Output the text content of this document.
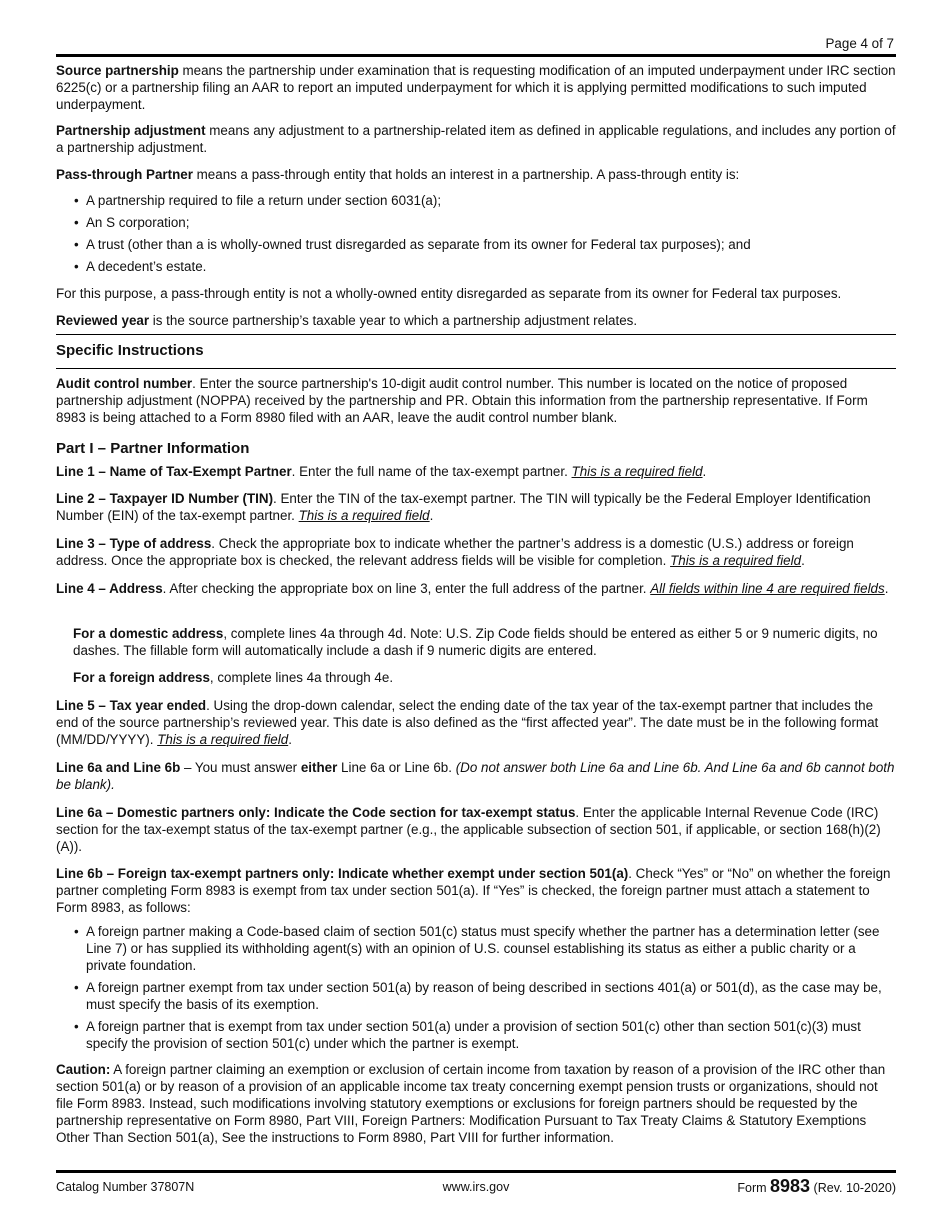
Page 4 of 7

Source partnership means the partnership under examination that is requesting modification of an imputed underpayment under IRC section 6225(c) or a partnership filing an AAR to report an imputed underpayment for which it is applying permitted modifications to such imputed underpayment.

Partnership adjustment means any adjustment to a partnership-related item as defined in applicable regulations, and includes any portion of a partnership adjustment.

Pass-through Partner means a pass-through entity that holds an interest in a partnership. A pass-through entity is:

• A partnership required to file a return under section 6031(a);
• An S corporation;
• A trust (other than a is wholly-owned trust disregarded as separate from its owner for Federal tax purposes); and
• A decedent’s estate.

For this purpose, a pass-through entity is not a wholly-owned entity disregarded as separate from its owner for Federal tax purposes.

Reviewed year is the source partnership’s taxable year to which a partnership adjustment relates.

Specific Instructions

Audit control number. Enter the source partnership's 10-digit audit control number. This number is located on the notice of proposed partnership adjustment (NOPPA) received by the partnership and PR. Obtain this information from the partnership representative. If Form 8983 is being attached to a Form 8980 filed with an AAR, leave the audit control number blank.

Part I – Partner Information

Line 1 – Name of Tax-Exempt Partner. Enter the full name of the tax-exempt partner. This is a required field.

Line 2 – Taxpayer ID Number (TIN). Enter the TIN of the tax-exempt partner. The TIN will typically be the Federal Employer Identification Number (EIN) of the tax-exempt partner. This is a required field.

Line 3 – Type of address. Check the appropriate box to indicate whether the partner’s address is a domestic (U.S.) address or foreign address. Once the appropriate box is checked, the relevant address fields will be visible for completion. This is a required field.

Line 4 – Address. After checking the appropriate box on line 3, enter the full address of the partner. All fields within line 4 are required fields.

For a domestic address, complete lines 4a through 4d. Note: U.S. Zip Code fields should be entered as either 5 or 9 numeric digits, no dashes. The fillable form will automatically include a dash if 9 numeric digits are entered.

For a foreign address, complete lines 4a through 4e.

Line 5 – Tax year ended. Using the drop-down calendar, select the ending date of the tax year of the tax-exempt partner that includes the end of the source partnership’s reviewed year. This date is also defined as the “first affected year”. The date must be in the following format (MM/DD/YYYY). This is a required field.

Line 6a and Line 6b – You must answer either Line 6a or Line 6b. (Do not answer both Line 6a and Line 6b. And Line 6a and 6b cannot both be blank).

Line 6a – Domestic partners only: Indicate the Code section for tax-exempt status. Enter the applicable Internal Revenue Code (IRC) section for the tax-exempt status of the tax-exempt partner (e.g., the applicable subsection of section 501, if applicable, or section 168(h)(2)(A)).

Line 6b – Foreign tax-exempt partners only: Indicate whether exempt under section 501(a). Check “Yes” or “No” on whether the foreign partner completing Form 8983 is exempt from tax under section 501(a). If “Yes” is checked, the foreign partner must attach a statement to Form 8983, as follows:

• A foreign partner making a Code-based claim of section 501(c) status must specify whether the partner has a determination letter (see Line 7) or has supplied its withholding agent(s) with an opinion of U.S. counsel establishing its status as either a public charity or a private foundation.
• A foreign partner exempt from tax under section 501(a) by reason of being described in sections 401(a) or 501(d), as the case may be, must specify the basis of its exemption.
• A foreign partner that is exempt from tax under section 501(a) under a provision of section 501(c) other than section 501(c)(3) must specify the provision of section 501(c) under which the partner is exempt.

Caution: A foreign partner claiming an exemption or exclusion of certain income from taxation by reason of a provision of the IRC other than section 501(a) or by reason of a provision of an applicable income tax treaty concerning exempt pension trusts or organizations, should not file Form 8983. Instead, such modifications involving statutory exemptions or exclusions for foreign partners should be requested by the partnership representative on Form 8980, Part VIII, Foreign Partners: Modification Pursuant to Tax Treaty Claims & Statutory Exemptions Other Than Section 501(a), See the instructions to Form 8980, Part VIII for further information.

Catalog Number 37807N	www.irs.gov	Form 8983 (Rev. 10-2020)
